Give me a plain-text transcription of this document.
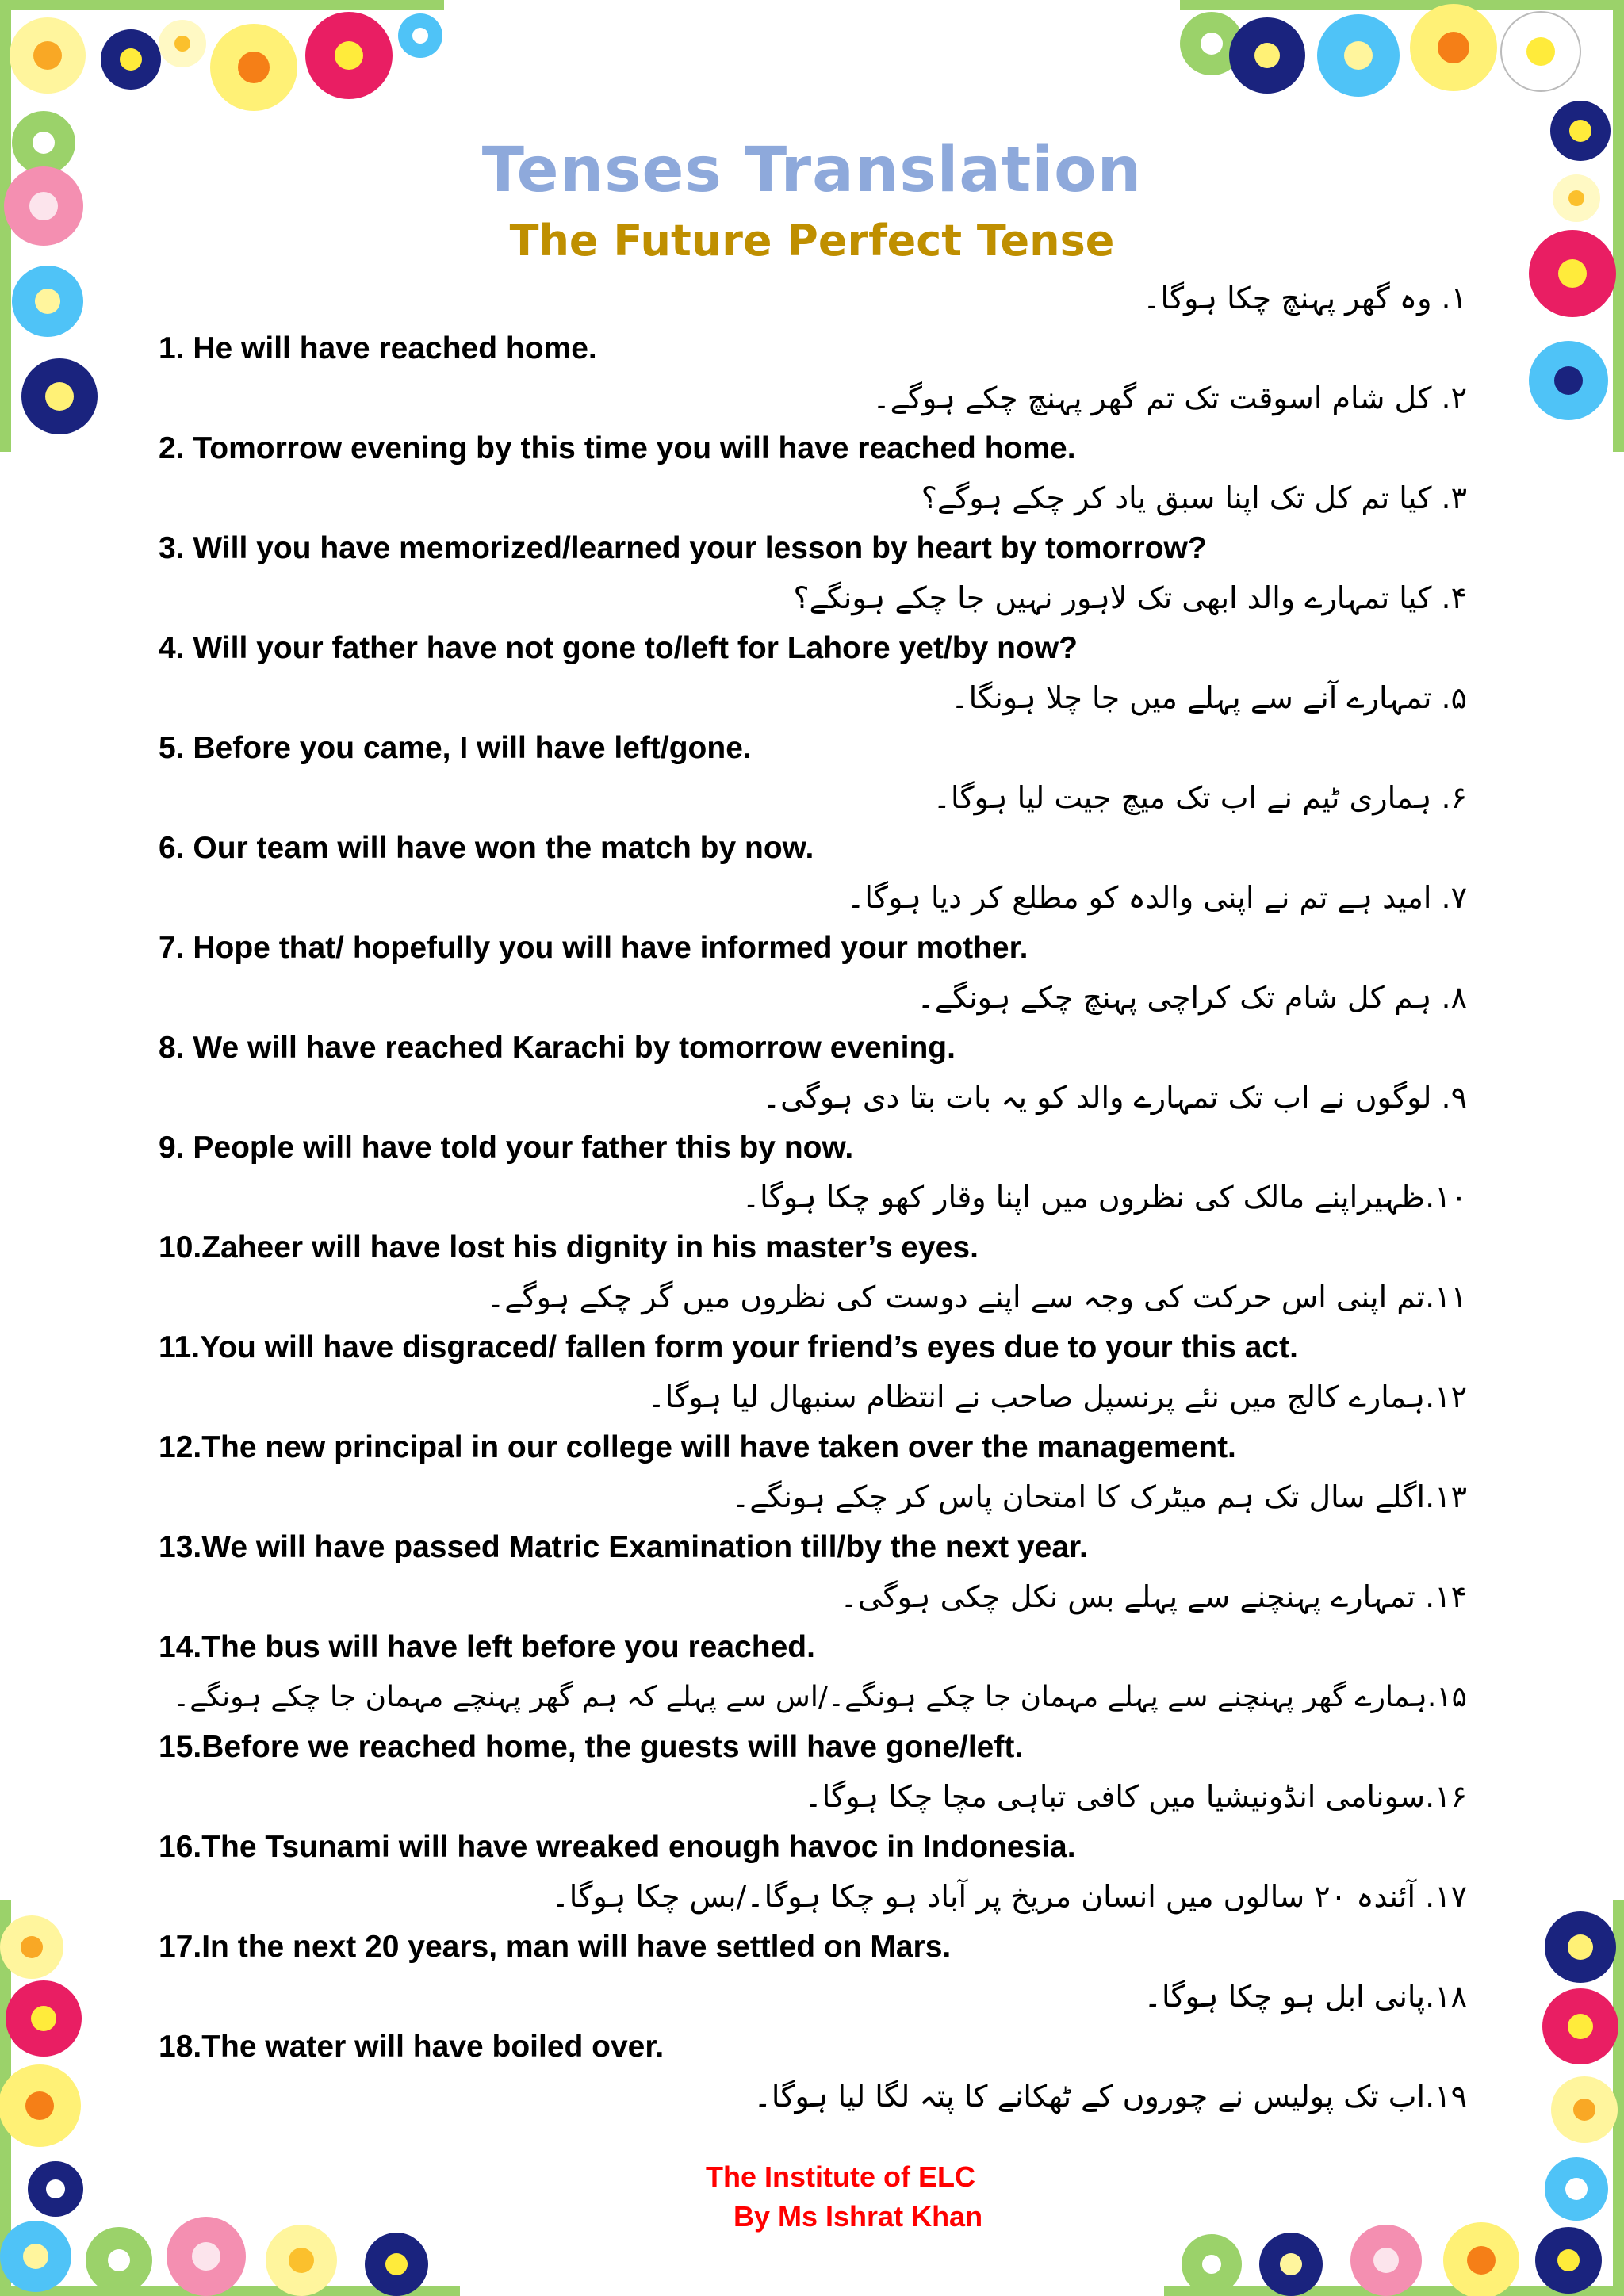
Tenses Translation
The Future Perfect Tense
۱. وہ گھر پہنچ چکا ہوگا۔
1. He will have reached home.
۲. کل شام اسوقت تک تم گھر پہنچ چکے ہوگے۔
2. Tomorrow evening by this time you will have reached home.
۳. کیا تم کل تک اپنا سبق یاد کر چکے ہوگے؟
3. Will you have memorized/learned your lesson by heart by tomorrow?
۴. کیا تمہارے والد ابھی تک لاہور نہیں جا چکے ہونگے؟
4. Will your father have not gone to/left for Lahore yet/by now?
۵. تمہارے آنے سے پہلے میں جا چلا ہونگا۔
5. Before you came, I will have left/gone.
۶. ہماری ٹیم نے اب تک میچ جیت لیا ہوگا۔
6. Our team will have won the match by now.
۷. امید ہے تم نے اپنی والدہ کو مطلع کر دیا ہوگا۔
7. Hope that/ hopefully you will have informed your mother.
۸. ہم کل شام تک کراچی پہنچ چکے ہونگے۔
8. We will have reached Karachi by tomorrow evening.
۹. لوگوں نے اب تک تمہارے والد کو یہ بات بتا دی ہوگی۔
9. People will have told your father this by now.
۱۰.ظہیراپنے مالک کی نظروں میں اپنا وقار کھو چکا ہوگا۔
10.Zaheer will have lost his dignity in his master’s eyes.
۱۱.تم اپنی اس حرکت کی وجہ سے اپنے دوست کی نظروں میں گر چکے ہوگے۔
11.You will have disgraced/ fallen form your friend’s eyes due to your this act.
۱۲.ہمارے کالج میں نئے پرنسپل صاحب نے انتظام سنبھال لیا ہوگا۔
12.The new principal in our college will have taken over the management.
۱۳.اگلے سال تک ہم میٹرک کا امتحان پاس کر چکے ہونگے۔
13.We will have passed Matric Examination till/by the next year.
۱۴. تمہارے پہنچنے سے پہلے بس نکل چکی ہوگی۔
14.The bus will have left before you reached.
۱۵.ہمارے گھر پہنچنے سے پہلے مہمان جا چکے ہونگے۔/اس سے پہلے کہ ہم گھر پہنچے مہمان جا چکے ہونگے۔
15.Before we reached home, the guests will have gone/left.
۱۶.سونامی انڈونیشیا میں کافی تباہی مچا چکا ہوگا۔
16.The Tsunami will have wreaked enough havoc in Indonesia.
۱۷. آئندہ ۲۰ سالوں میں انسان مریخ پر آباد ہو چکا ہوگا۔/بس چکا ہوگا۔
17.In the next 20 years, man will have settled on Mars.
۱۸.پانی ابل ہو چکا ہوگا۔
18.The water will have boiled over.
۱۹.اب تک پولیس نے چوروں کے ٹھکانے کا پتہ لگا لیا ہوگا۔
The Institute of ELC
By Ms Ishrat Khan
